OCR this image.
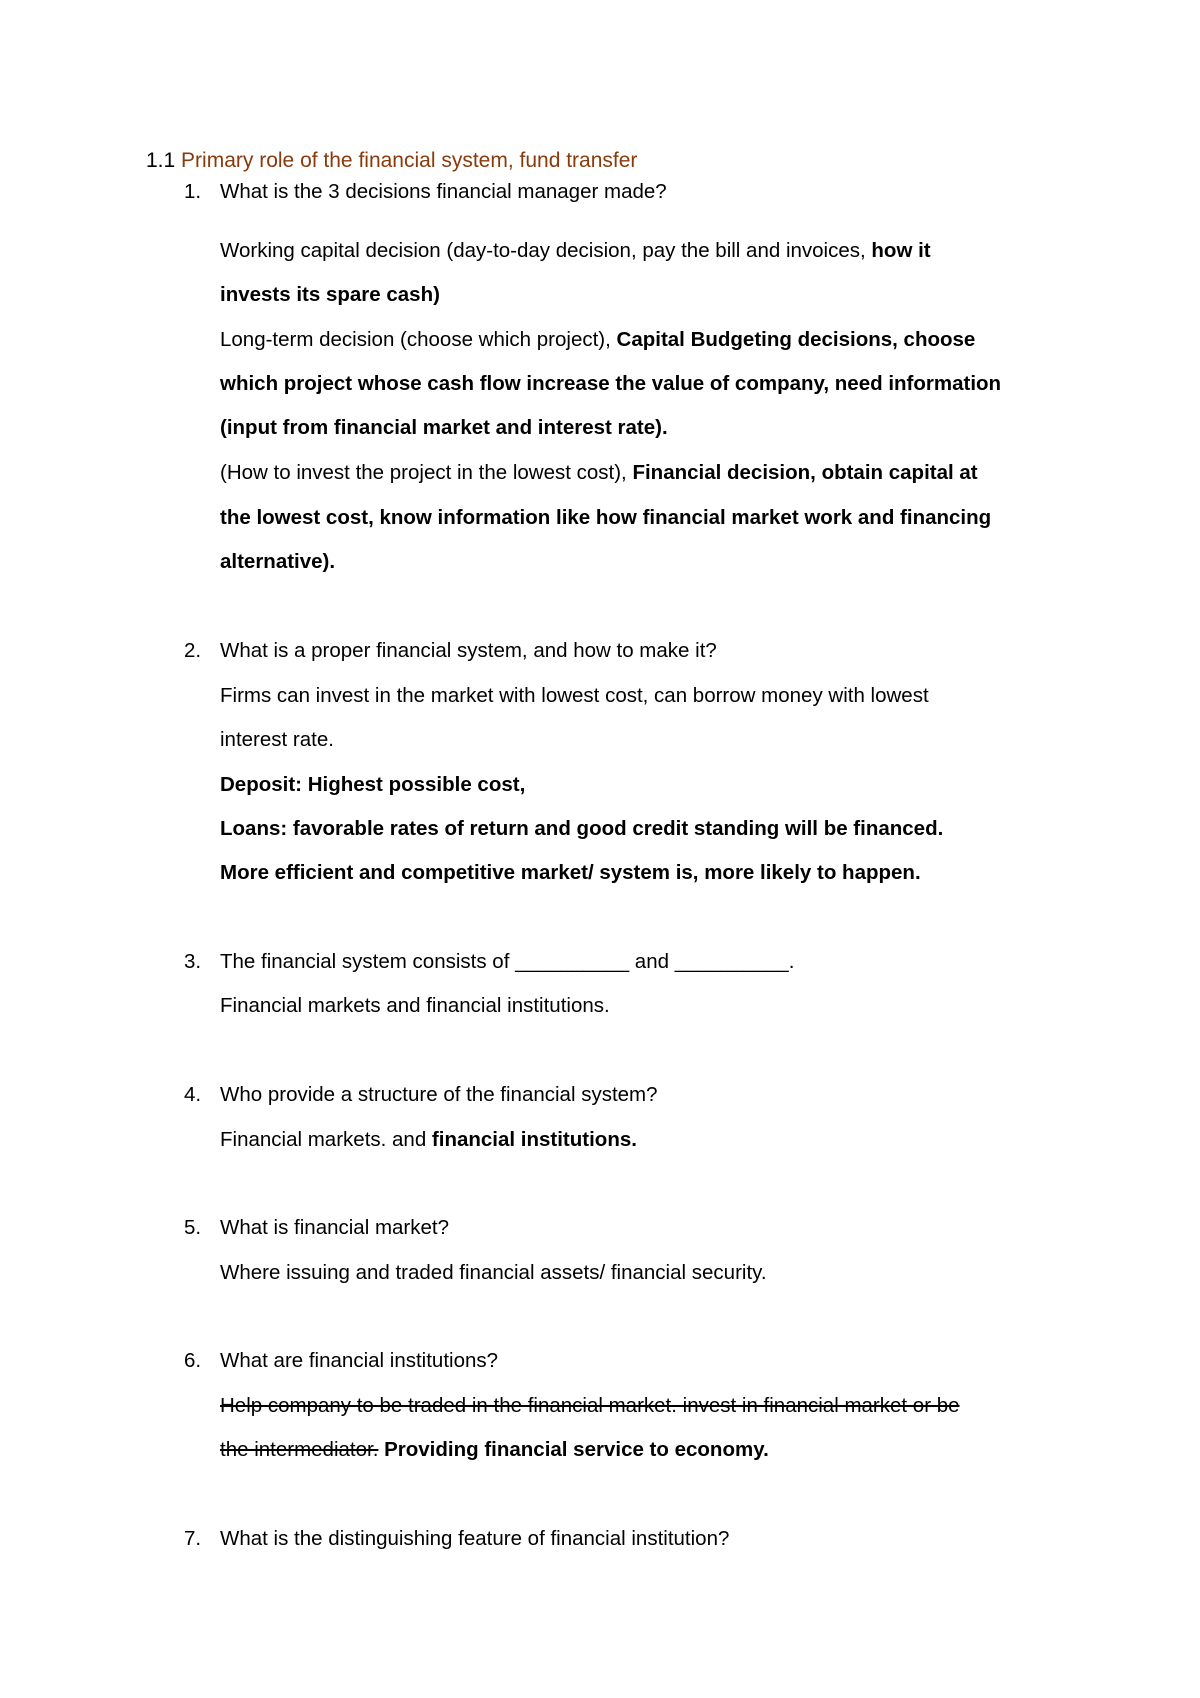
1.1 Primary role of the financial system, fund transfer
1. What is the 3 decisions financial manager made?
Working capital decision (day-to-day decision, pay the bill and invoices, how it
invests its spare cash)
Long-term decision (choose which project), Capital Budgeting decisions, choose
which project whose cash flow increase the value of company, need information
(input from financial market and interest rate).
(How to invest the project in the lowest cost), Financial decision, obtain capital at
the lowest cost, know information like how financial market work and financing
alternative).
2. What is a proper financial system, and how to make it?
Firms can invest in the market with lowest cost, can borrow money with lowest
interest rate.
Deposit: Highest possible cost,
Loans: favorable rates of return and good credit standing will be financed.
More efficient and competitive market/ system is, more likely to happen.
3. The financial system consists of __________ and __________.
Financial markets and financial institutions.
4. Who provide a structure of the financial system?
Financial markets. and financial institutions.
5. What is financial market?
Where issuing and traded financial assets/ financial security.
6. What are financial institutions?
Help company to be traded in the financial market. invest in financial market or be
the intermediator. Providing financial service to economy.
7. What is the distinguishing feature of financial institution?
